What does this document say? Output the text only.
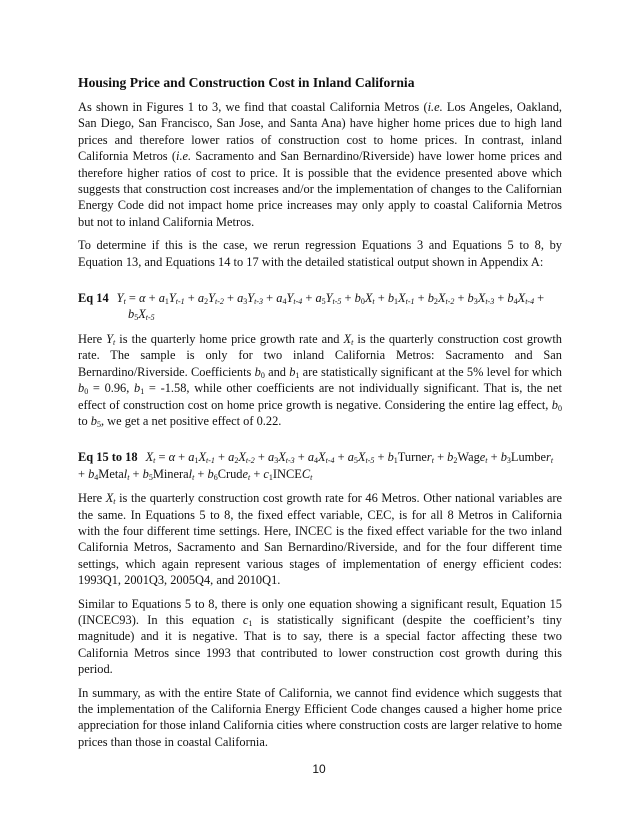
Housing Price and Construction Cost in Inland California

As shown in Figures 1 to 3, we find that coastal California Metros (i.e. Los Angeles, Oakland, San Diego, San Francisco, San Jose, and Santa Ana) have higher home prices due to high land prices and therefore lower ratios of construction cost to home prices. In contrast, inland California Metros (i.e. Sacramento and San Bernardino/Riverside) have lower home prices and therefore higher ratios of cost to price. It is possible that the evidence presented above which suggests that construction cost increases and/or the implementation of changes to the Californian Energy Code did not impact home price increases may only apply to coastal California Metros but not to inland California Metros.

To determine if this is the case, we rerun regression Equations 3 and Equations 5 to 8, by Equation 13, and Equations 14 to 17 with the detailed statistical output shown in Appendix A:

Eq 14 $Y_t = \alpha + a_1Y_{t-1} + a_2Y_{t-2} + a_3Y_{t-3} + a_4Y_{t-4} + a_5Y_{t-5} + b_0X_t + b_1X_{t-1} + b_2X_{t-2} + b_3X_{t-3} + b_4X_{t-4}$ +
$b_5X_{t-5}$

Here $Y_t$ is the quarterly home price growth rate and $X_t$ is the quarterly construction cost growth rate. The sample is only for two inland California Metros: Sacramento and San Bernardino/Riverside. Coefficients $b_0$ and $b_1$ are statistically significant at the 5% level for which $b_0 = 0.96$, $b_1 = -1.58$, while other coefficients are not individually significant. That is, the net effect of construction cost on home price growth is negative. Considering the entire lag effect, $b_0$ to $b_5$, we get a net positive effect of 0.22.

Eq 15 to 18 $X_t = \alpha + a_1X_{t-1} + a_2X_{t-2} + a_3X_{t-3} + a_4X_{t-4} + a_5X_{t-5}$ + $b_1Turner_t$ + $b_2Wage_t$ + $b_3Lumber_t$
+ $b_4Metal_t$ + $b_5Mineral_t$ + $b_6Crude_t$ + $c_1INCEC_t$

Here $X_t$ is the quarterly construction cost growth rate for 46 Metros. Other national variables are the same. In Equations 5 to 8, the fixed effect variable, CEC, is for all 8 Metros in California with the four different time settings. Here, INCEC is the fixed effect variable for the two inland California Metros, Sacramento and San Bernardino/Riverside, and for the four different time settings, which again represent various stages of implementation of energy efficient codes: 1993Q1, 2001Q3, 2005Q4, and 2010Q1.

Similar to Equations 5 to 8, there is only one equation showing a significant result, Equation 15 (INCEC93). In this equation $c_1$ is statistically significant (despite the coefficient’s tiny magnitude) and it is negative. That is to say, there is a special factor affecting these two California Metros since 1993 that contributed to lower construction cost growth during this period.

In summary, as with the entire State of California, we cannot find evidence which suggests that the implementation of the California Energy Efficient Code changes caused a higher home price appreciation for those inland California cities where construction costs are larger relative to home prices than those in coastal California.

10
